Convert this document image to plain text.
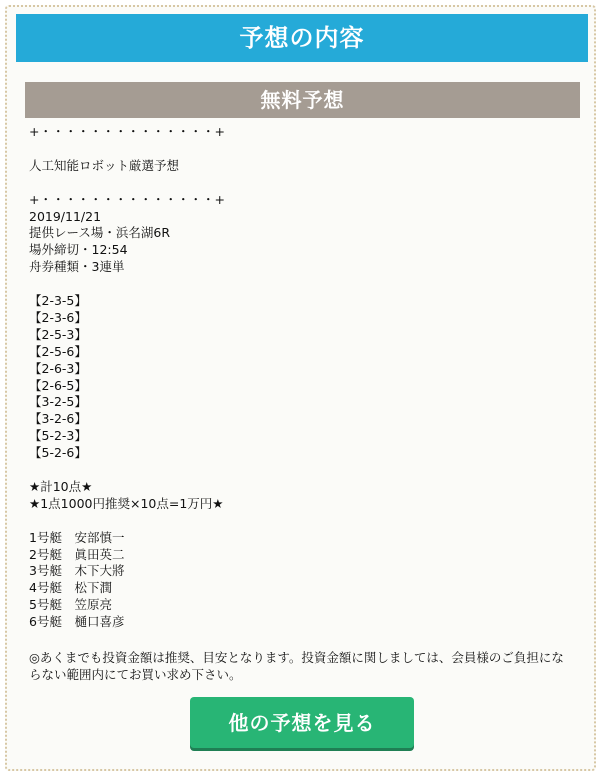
予想の内容
無料予想
+・・・・・・・・・・・・・・+
人工知能ロボット厳選予想
+・・・・・・・・・・・・・・+
2019/11/21
提供レース場・浜名湖6R
場外締切・12:54
舟券種類・3連単
【2-3-5】
【2-3-6】
【2-5-3】
【2-5-6】
【2-6-3】
【2-6-5】
【3-2-5】
【3-2-6】
【5-2-3】
【5-2-6】
★計10点★
★1点1000円推奨×10点=1万円★
1号艇　安部慎一
2号艇　眞田英二
3号艇　木下大將
4号艇　松下潤
5号艇　笠原亮
6号艇　樋口喜彦
◎あくまでも投資金額は推奨、目安となります。投資金額に関しましては、会員様のご負担にならない範囲内にてお買い求め下さい。
他の予想を見る
